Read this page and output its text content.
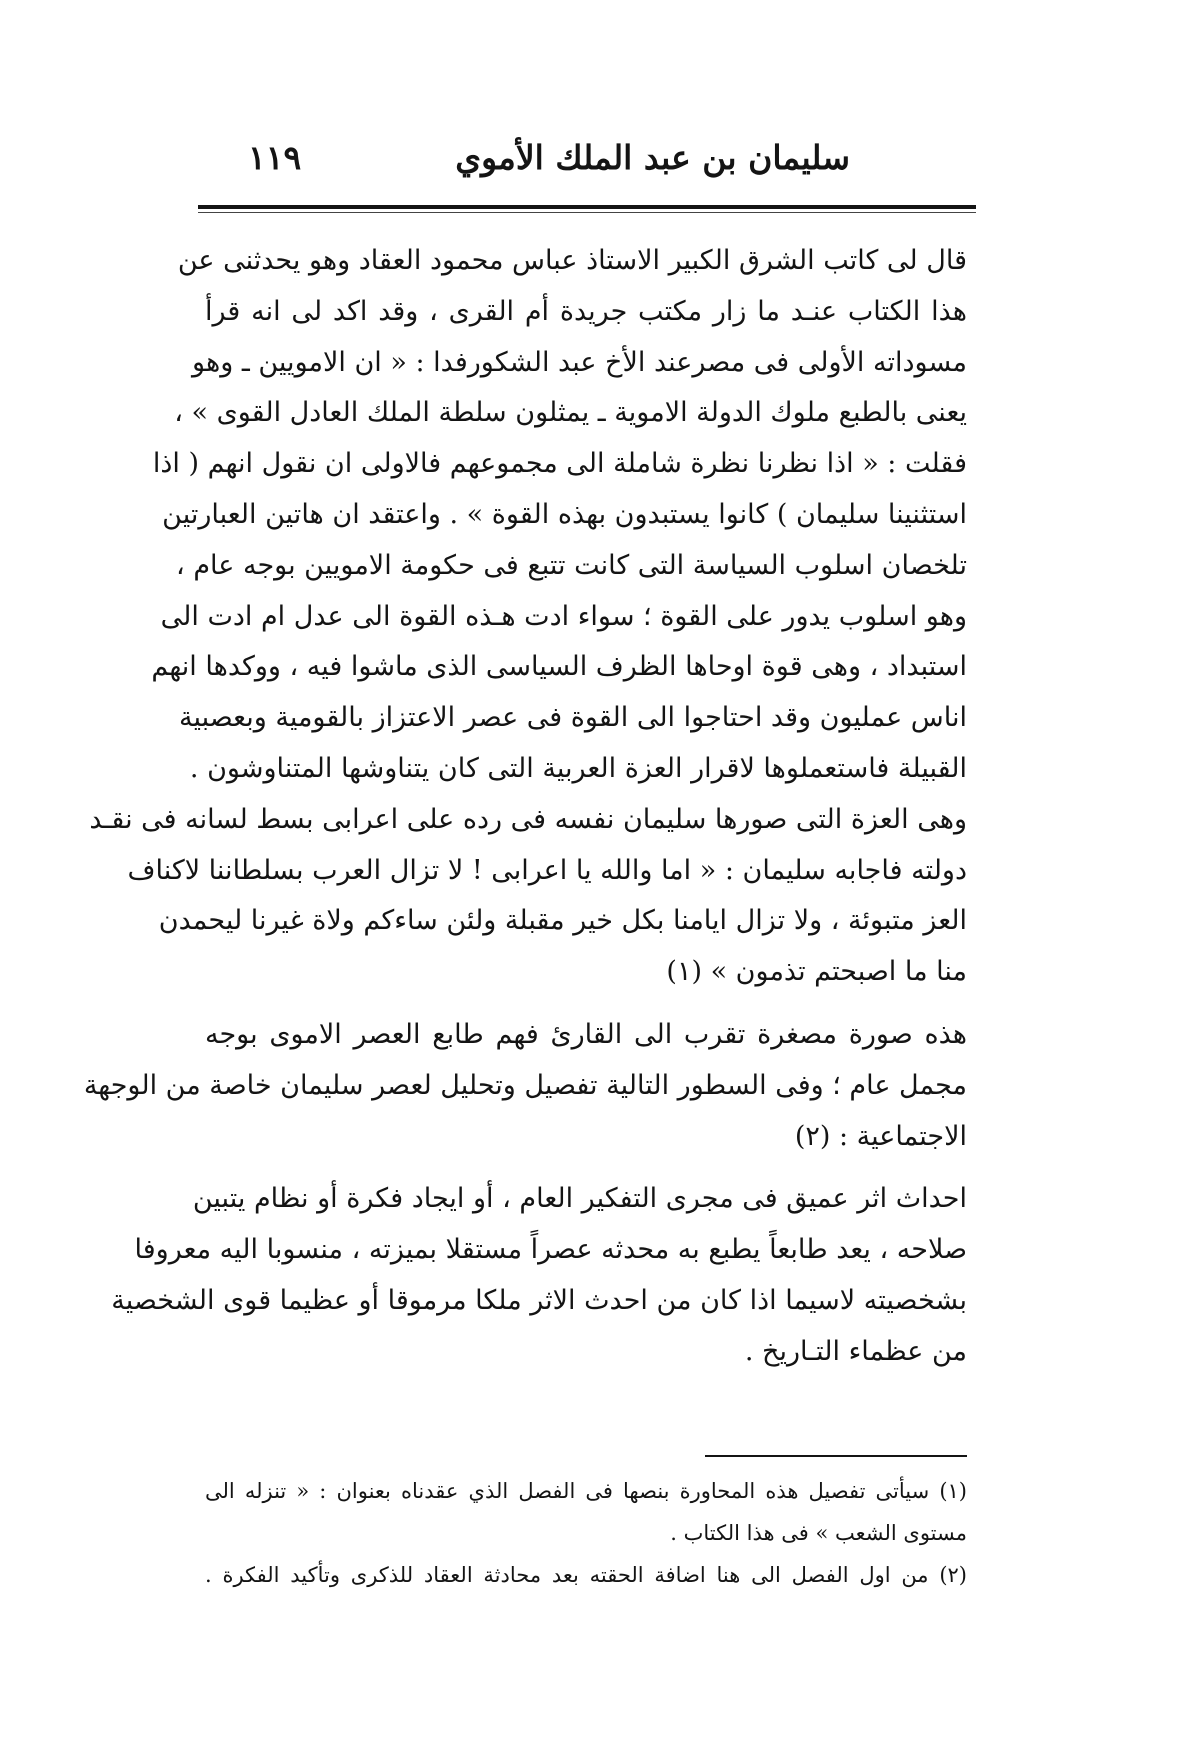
سليمان بن عبد الملك الأموي
١١٩
قال لى كاتب الشرق الكبير الاستاذ عباس محمود العقاد وهو يحدثنى عن
هذا الكتاب عنـد ما زار مكتب جريدة أم القرى ، وقد اكد لى انه قرأ
مسوداته الأولى فى مصرعند الأخ عبد الشكورفدا : « ان الامويين ـ وهو
يعنى بالطبع ملوك الدولة الاموية ـ يمثلون سلطة الملك العادل القوى » ،
فقلت : « اذا نظرنا نظرة شاملة الى مجموعهم فالاولى ان نقول انهم ( اذا
استثنينا سليمان ) كانوا يستبدون بهذه القوة » . واعتقد ان هاتين العبارتين
تلخصان اسلوب السياسة التى كانت تتبع فى حكومة الامويين بوجه عام ،
وهو اسلوب يدور على القوة ؛ سواء ادت هـذه القوة الى عدل ام ادت الى
استبداد ، وهى قوة اوحاها الظرف السياسى الذى ماشوا فيه ، ووكدها انهم
اناس عمليون وقد احتاجوا الى القوة فى عصر الاعتزاز بالقومية وبعصبية
القبيلة فاستعملوها لاقرار العزة العربية التى كان يتناوشها المتناوشون .
وهى العزة التى صورها سليمان نفسه فى رده على اعرابى بسط لسانه فى نقـد
دولته فاجابه سليمان : « اما والله يا اعرابى ! لا تزال العرب بسلطاننا لاكناف
العز متبوئة ، ولا تزال ايامنا بكل خير مقبلة ولئن ساءكم ولاة غيرنا ليحمدن
منا ما اصبحتم تذمون » (١)
هذه صورة مصغرة تقرب الى القارئ فهم طابع العصر الاموى بوجه
مجمل عام ؛ وفى السطور التالية تفصيل وتحليل لعصر سليمان خاصة من الوجهة
الاجتماعية : (٢)
احداث اثر عميق فى مجرى التفكير العام ، أو ايجاد فكرة أو نظام يتبين
صلاحه ، يعد طابعاً يطبع به محدثه عصراً مستقلا بميزته ، منسوبا اليه معروفا
بشخصيته لاسيما اذا كان من احدث الاثر ملكا مرموقا أو عظيما قوى الشخصية
من عظماء التـاريخ .
(١) سيأتى تفصيل هذه المحاورة بنصها فى الفصل الذي عقدناه بعنوان : « تنزله الى
مستوى الشعب » فى هذا الكتاب .
(٢) من اول الفصل الى هنا اضافة الحقته بعد محادثة العقاد للذكرى وتأكيد الفكرة .
